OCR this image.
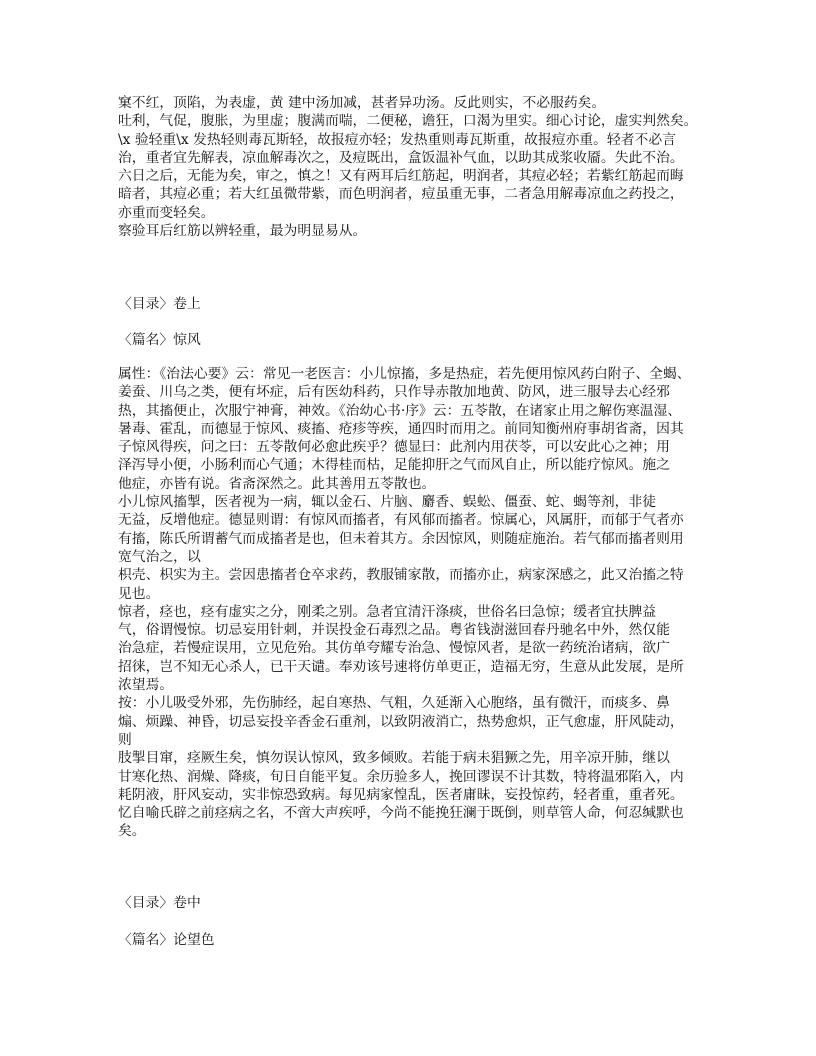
窠不红，顶陷，为表虚，黄 建中汤加减，甚者异功汤。反此则实，不必服药矣。
吐利，气促，腹胀，为里虚；腹满而喘，二便秘，谵狂，口渴为里实。细心讨论，虚实判然矣。
\x 验轻重\x 发热轻则毒瓦斯轻，故报痘亦轻；发热重则毒瓦斯重，故报痘亦重。轻者不必言
治，重者宜先解表，凉血解毒次之，及痘既出，盒饭温补气血，以助其成浆收靥。失此不治。
六日之后，无能为矣，审之，慎之！又有两耳后红筋起，明润者，其痘必轻；若紫红筋起而晦
暗者，其痘必重；若大红虽微带紫，而色明润者，痘虽重无事，二者急用解毒凉血之药投之，
亦重而变轻矣。
察验耳后红筋以辨轻重，最为明显易从。
〈目录〉卷上
〈篇名〉惊风
属性：《治法心要》云：常见一老医言：小儿惊搐，多是热症，若先便用惊风药白附子、全蝎、
姜蚕、川乌之类，便有坏症，后有医幼科药，只作导赤散加地黄、防风，进三服导去心经邪
热，其搐便止，次服宁神膏，神效。《治幼心书·序》云：五苓散，在诸家止用之解伤寒温湿、
暑毒、霍乱，而德显于惊风、痰搐、疮疹等疾，通四时而用之。前同知衡州府事胡省斋，因其
子惊风得疾，问之曰：五苓散何必愈此疾乎？德显曰：此剂内用茯苓，可以安此心之神；用
泽泻导小便，小肠利而心气通；木得桂而枯，足能抑肝之气而风自止，所以能疗惊风。施之
他症，亦皆有说。省斋深然之。此其善用五苓散也。
小儿惊风搐掣，医者视为一病，辄以金石、片脑、麝香、蜈蚣、僵蚕、蛇、蝎等剂，非徒
无益，反增他症。德显则谓：有惊风而搐者，有风郁而搐者。惊属心，风属肝，而郁于气者亦
有搐，陈氏所谓蓄气而成搐者是也，但未着其方。余因惊风，则随症施治。若气郁而搐者则用
宽气治之，以
枳壳、枳实为主。尝因患搐者仓卒求药，教服铺家散，而搐亦止，病家深感之，此又治搐之特
见也。
惊者，痉也，痉有虚实之分，刚柔之别。急者宜清汗涤痰，世俗名曰急惊；缓者宜扶脾益
气，俗谓慢惊。切忌妄用针刺，并误投金石毒烈之品。粤省钱澍滋回春丹驰名中外，然仅能
治急症，若慢症误用，立见危殆。其仿单夸耀专治急、慢惊风者，是欲一药统治诸病，欲广
招徕，岂不知无心杀人，已干天谴。奉劝该号速将仿单更正，造福无穷，生意从此发展，是所
浓望焉。
按：小儿吸受外邪，先伤肺经，起自寒热、气粗，久延渐入心胞络，虽有微汗，而痰多、鼻
煽、烦躁、神昏，切忌妄投辛香金石重剂，以致阴液消亡，热势愈炽，正气愈虚，肝风陡动，
则
肢掣目窜，痉厥生矣，慎勿误认惊风，致多倾败。若能于病未猖獗之先，用辛凉开肺，继以
甘寒化热、润燥、降痰，旬日自能平复。余历验多人，挽回谬误不计其数，特将温邪陷入，内
耗阴液，肝风妄动，实非惊恐致病。每见病家惶乱，医者庸昧，妄投惊药，轻者重，重者死。
忆自喻氏辟之前痉病之名，不啻大声疾呼，今尚不能挽狂澜于既倒，则草管人命，何忍缄默也
矣。
〈目录〉卷中
〈篇名〉论望色
